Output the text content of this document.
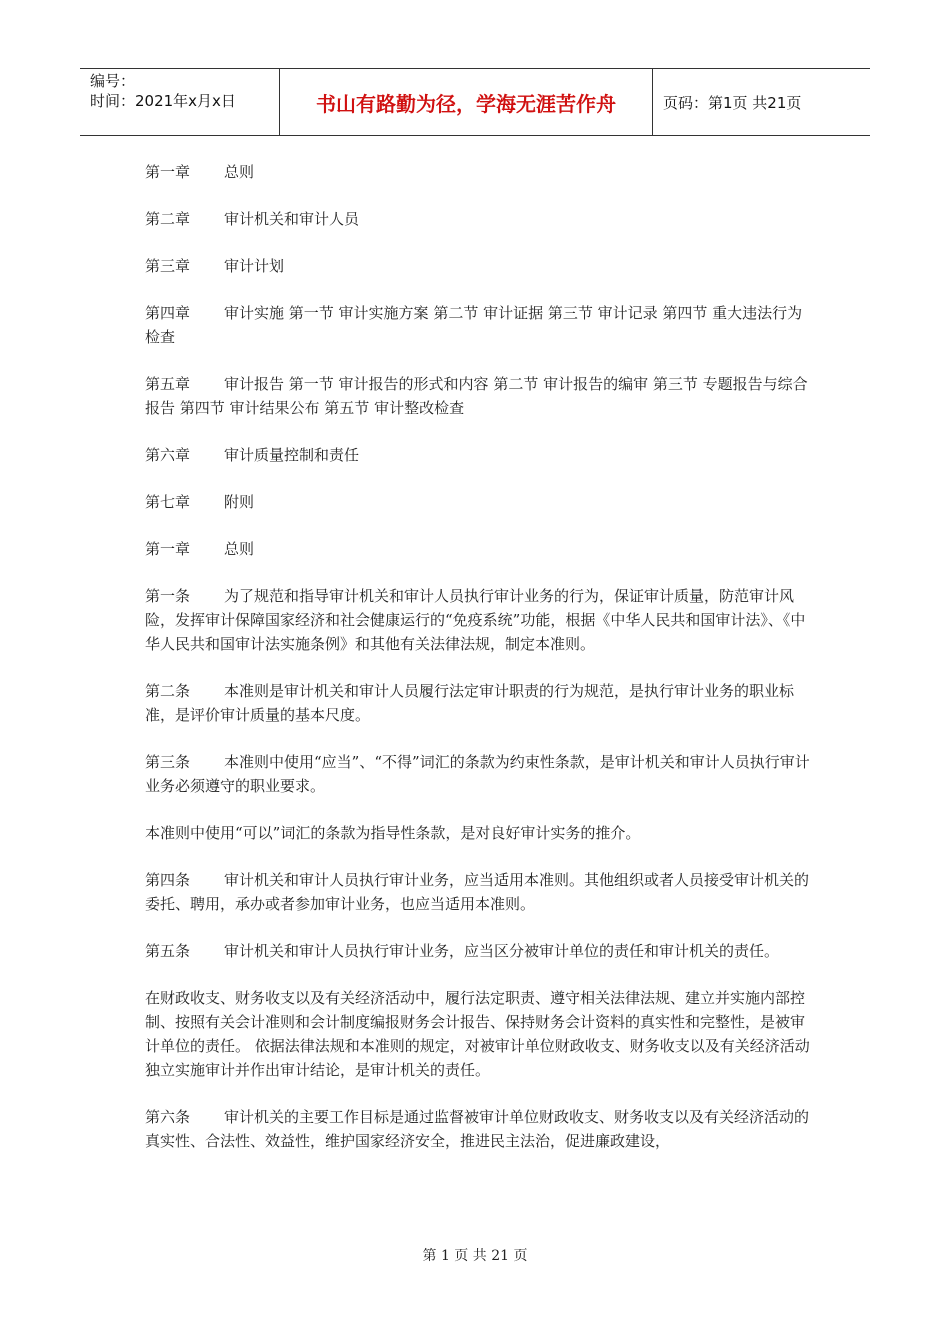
编号：
时间：2021年x月x日	书山有路勤为径，学海无涯苦作舟	页码：第1页 共21页

第一章 总则

第二章 审计机关和审计人员

第三章 审计计划

第四章 审计实施 第一节 审计实施方案 第二节 审计证据 第三节 审计记录 第四节 重大违法行为检查

第五章 审计报告 第一节 审计报告的形式和内容 第二节 审计报告的编审 第三节 专题报告与综合报告 第四节 审计结果公布 第五节 审计整改检查

第六章 审计质量控制和责任

第七章 附则

第一章 总则

第一条 为了规范和指导审计机关和审计人员执行审计业务的行为，保证审计质量，防范审计风险，发挥审计保障国家经济和社会健康运行的“免疫系统”功能，根据《中华人民共和国审计法》、《中华人民共和国审计法实施条例》和其他有关法律法规，制定本准则。

第二条 本准则是审计机关和审计人员履行法定审计职责的行为规范，是执行审计业务的职业标准，是评价审计质量的基本尺度。

第三条 本准则中使用“应当”、“不得”词汇的条款为约束性条款，是审计机关和审计人员执行审计业务必须遵守的职业要求。

本准则中使用“可以”词汇的条款为指导性条款，是对良好审计实务的推介。

第四条 审计机关和审计人员执行审计业务，应当适用本准则。其他组织或者人员接受审计机关的委托、聘用，承办或者参加审计业务，也应当适用本准则。

第五条 审计机关和审计人员执行审计业务，应当区分被审计单位的责任和审计机关的责任。

在财政收支、财务收支以及有关经济活动中，履行法定职责、遵守相关法律法规、建立并实施内部控制、按照有关会计准则和会计制度编报财务会计报告、保持财务会计资料的真实性和完整性，是被审计单位的责任。 依据法律法规和本准则的规定，对被审计单位财政收支、财务收支以及有关经济活动独立实施审计并作出审计结论，是审计机关的责任。

第六条 审计机关的主要工作目标是通过监督被审计单位财政收支、财务收支以及有关经济活动的真实性、合法性、效益性，维护国家经济安全，推进民主法治，促进廉政建设，

第 1 页 共 21 页
